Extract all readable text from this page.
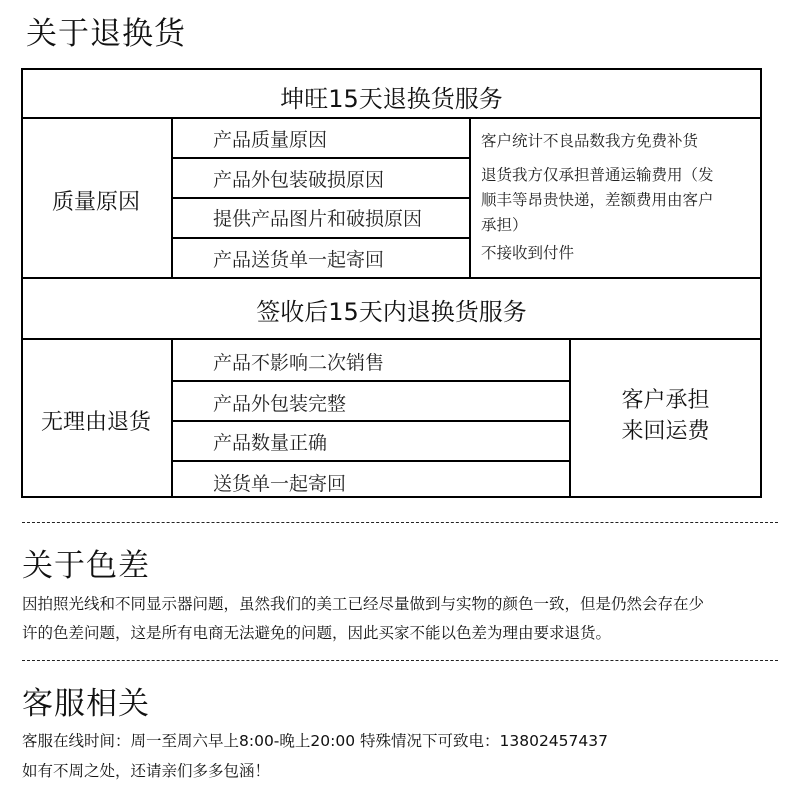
关于退换货
坤旺15天退换货服务
质量原因
产品质量原因
产品外包装破损原因
提供产品图片和破损原因
产品送货单一起寄回
客户统计不良品数我方免费补货
退货我方仅承担普通运输费用（发
顺丰等昂贵快递，差额费用由客户
承担）
不接收到付件
签收后15天内退换货服务
无理由退货
产品不影响二次销售
产品外包装完整
产品数量正确
送货单一起寄回
客户承担
来回运费
关于色差
因拍照光线和不同显示器问题，虽然我们的美工已经尽量做到与实物的颜色一致，但是仍然会存在少
许的色差问题，这是所有电商无法避免的问题，因此买家不能以色差为理由要求退货。
客服相关
客服在线时间：周一至周六早上8:00-晚上20:00 特殊情况下可致电：13802457437
如有不周之处，还请亲们多多包涵！
